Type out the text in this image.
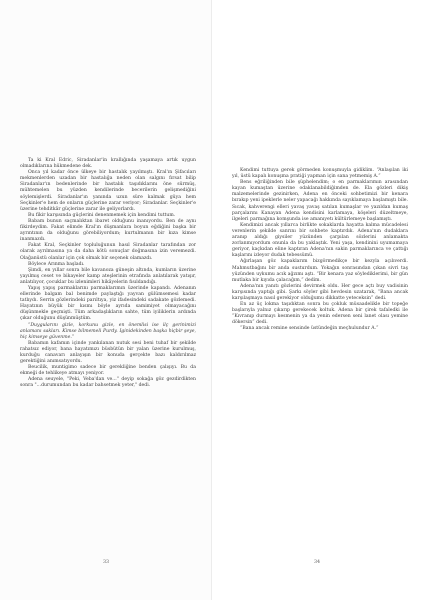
Ta ki Kral Edric, Siradanlar'in krallığında yaşamaya artık uygun olmadıklarına hükmedene dek.

Onca yıl kadar önce ülkeye bir hastalık yayılmıştı. Kral'ın Şifacıları mekmenlerden uzadan bir hastalığa neden olan salgını fırsat bilip Siradanlar'ın bedenlerinde bir hastalık taşıdıklarını öne sürmüş, mühtemelen bu yüzden kendilerinde becerilerin gelişmediğini söylemişlerdi. Siradanlar'ın yanında uzun süre kalmak güya hem Seçkinler'e hem de onların güçlerine zarar veriyor; Siradanlar. Seçkinler'e üzerine tehditkâr güçlerine zarar ile geliyorlardı.

Bu fikir karşısında güçlerini denenmemek için kendimi tuttum.

Babam bunun saçmalıktan ibaret olduğunu inanıyordu. Ben de aynı fikirdeydim. Fakat elimde Kral'ın düşmanlara boyun eğdiğini başka bir ayrıntının da olduğunu görebiliyordum; kurtulmanın bir kıza kimse inanmazdı.

Fakat Kral, Seçkinler topluluğunun hasıl Siradanlar tarafından zor olarak ayrılmasına ya da daha kötü sonuçlar doğmasına izin veremezdi. Olağanüstü olanlar için çok olmak bir seçenek olamazdı.

Böylece Arınma başladı.

Şimdi, en yıllar sonra bile kavanoza güneşin altında, kumların üzerine yayılmış ceset ve bikayeler kamp ateşlerinin etrafında anlatılarak yatışır, anlatılıyor, çocuklar bu izlenimleri hikâyelerin fısıldandığı.

Yapış yapış parmaklarını parmaklarımın üzerinde kapandı. Adenanın ellerinde balgam bal benimde paylaştığı yayvan gülümsemesi kadar tatlıydı. Serrin gözlerindeki parıltıya, yiz ifadesindeki sadakate gözlemedi. Hayatının büyük bir kısmı böyle ayrıda samimiyet olmayacağını düşünmekle geçmişti. Tüm arkadaşlıkların sahte, tüm iyiliklerin ardında çıkar olduğunu düşünmüştüm.

“Duygularını gizle, korkunu gizle, en önemlisi ise ilç gerinimizi anlamanı sakları. Kimse bilmemeli Purdy. Iginidekinden başka hiçbir şeye, hiç kimseye güvenme.”

Babamın kafamın içinde yankılanan nutuk sesi beni tuhaf bir şekilde rahatsız ediyor, bana hayatımızı büsbütün bir yalan üzerine kurulmuş, kurduğu canavarı anlayışın bir konuda gerçekte bazı kaldırılmaz gerektiğini anımsatıyordu.

Beucilik, muntigimo sadece bir gerekliğine benden çalışıyı. Bu da ekmeği de tehlikeye atmayı yeniyor.

Adena seuyele, "Peki, Veba'dan ve..." deyip sokağa göz gezdirdikten sonra "...durumundan bu kadar bahsetmek yeter," dedi.

33

Kendimi tuttuya gerek görmeden konuşmuyla gidiklim. “Anlaşılan iki yıl, üstü kapalı konuşma pratiği yapman için sana yetmemiş A.”

Bens eğriliğinden bile şüphelendim; o en parmaklarımın arasından kayan kumaştan üzerine odaklanabildiğimden de. Ela gözleri dikiş malzemelerinde gezinirken, Adena en önceki sohbetimizi bir kenara bırakıp yeni ipeklerle neler yapacağı hakkında sayıklamaya başlamıştı bile. Sıcak, kahverengi elleri yavaş yavaş satılan kumaşlar ve yazıldan kumaş parçalarını Kanayan Adena kendisini karlamaya, köşeleri düzeltmeye, ilgeleri parmağına komşunda ise amanıyetı kültürlemeye başlamıştı.

Kendimizi ancak yıllarca birlikte sokaklarda hayatta kalma mücadelesi verenlerin şekilde sanrını bir sohbete kaptırdık. Adena'nın dudaklara aranıp aldığı giysiler yüzünden çarpılan sözlerini anlamakta zorlanmıyordum onunla da bu yaklaştık. Yeni yaşa, kendinini uyumamaya geriyor, kaçkıdan eline kaptıran Adena'nın sakin parmaklarınca ve çattığı kaşlarını izleyor dudak tebessümü.

Ağırlaşan göz kapaklarım bizgörmedikçe bir kezyla açılıverdi. Mahmutbağını bir anda susturdum. Yokağın sonrasından çıkan sivri taş yüzünden uykumu acık ağzımı aştı. “Bir kenara yaz söylediklerimi, bir gün mutlaka bir kıyıda çalacağım,” dedim.

Adena'nın yanıtı gözlerini devirmek oldu. Her gece açtı buy vadisinin karşısında yaptığı gibi. Şarkı söyler gibi hevdesin uzatarak, “Bana ancak karşılaşmaya nasıl gerekiyor olduğumu dikkatte yeteceksin” dedi.

En az üç lokma taşıdıktan sonra bu çokluk müsaadelikle bir topeğe başlarıyla yalnız çıkarıp gerekecek koltuk. Adena bir çirek tafaledki ile “Kıvranıp durmayı kesmenin ya da yenin edersen seni lanet olası yemine dökersin” dedi.

“Bana ancak remine sensinde üstündeğin meçhulundur A.”

34
